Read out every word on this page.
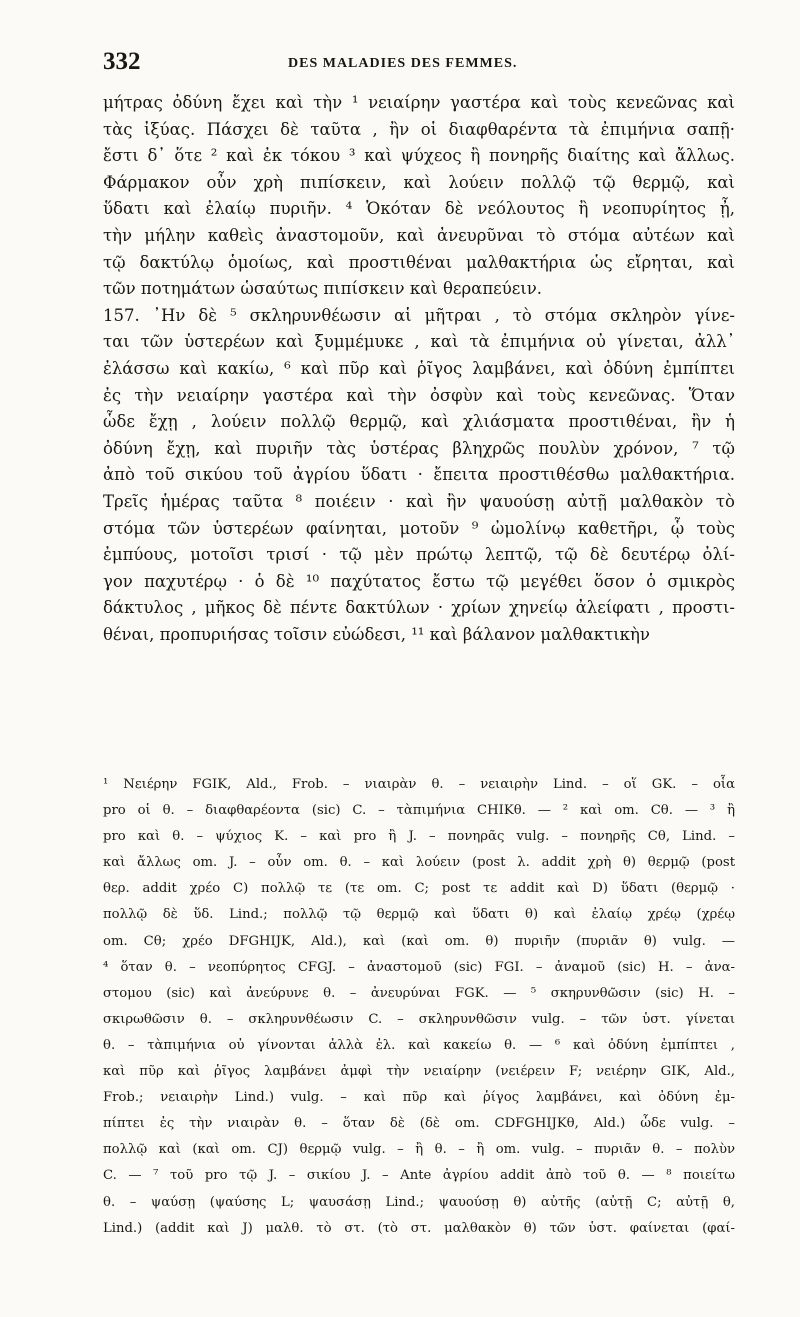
332	DES MALADIES DES FEMMES.
μήτρας ὀδύνη ἔχει καὶ τὴν ¹ νειαίρην γαστέρα καὶ τοὺς κενεῶνας καὶ
τὰς ἰξύας. Πάσχει δὲ ταῦτα , ἢν οἱ διαφθαρέντα τὰ ἐπιμήνια σαπῇ·
ἔστι δ᾿ ὅτε ² καὶ ἐκ τόκου ³ καὶ ψύχεος ἢ πονηρῆς διαίτης καὶ ἄλλως.
Φάρμακον οὖν χρὴ πιπίσκειν, καὶ λούειν πολλῷ τῷ θερμῷ, καὶ
ὕδατι καὶ ἐλαίῳ πυριῆν. ⁴ Ὁκόταν δὲ νεόλουτος ἢ νεοπυρίητος ᾖ,
τὴν μήλην καθεὶς ἀναστομοῦν, καὶ ἀνευρῦναι τὸ στόμα αὐτέων καὶ
τῷ δακτύλῳ ὁμοίως, καὶ προστιθέναι μαλθακτήρια ὡς εἴρηται, καὶ
τῶν ποτημάτων ὡσαύτως πιπίσκειν καὶ θεραπεύειν.
157. ᾿Ην δὲ ⁵ σκληρυνθέωσιν αἱ μῆτραι , τὸ στόμα σκληρὸν γίνε-
ται τῶν ὑστερέων καὶ ξυμμέμυκε , καὶ τὰ ἐπιμήνια οὐ γίνεται, ἀλλ᾿
ἐλάσσω καὶ κακίω, ⁶ καὶ πῦρ καὶ ῥῖγος λαμβάνει, καὶ ὀδύνη ἐμπίπτει
ἐς τὴν νειαίρην γαστέρα καὶ τὴν ὀσφὺν καὶ τοὺς κενεῶνας. Ὅταν
ὧδε ἔχῃ , λούειν πολλῷ θερμῷ, καὶ χλιάσματα προστιθέναι, ἢν ἡ
ὀδύνη ἔχῃ, καὶ πυριῆν τὰς ὑστέρας βληχρῶς πουλὺν χρόνον, ⁷ τῷ
ἀπὸ τοῦ σικύου τοῦ ἀγρίου ὕδατι · ἔπειτα προστιθέσθω μαλθακτήρια.
Τρεῖς ἡμέρας ταῦτα ⁸ ποιέειν · καὶ ἢν ψαυούσῃ αὐτῇ μαλθακὸν τὸ
στόμα τῶν ὑστερέων φαίνηται, μοτοῦν ⁹ ὠμολίνῳ καθετῆρι, ᾧ τοὺς
ἐμπύους, μοτοῖσι τρισί · τῷ μὲν πρώτῳ λεπτῷ, τῷ δὲ δευτέρῳ ὀλί-
γον παχυτέρῳ · ὁ δὲ ¹⁰ παχύτατος ἔστω τῷ μεγέθει ὅσον ὁ σμικρὸς
δάκτυλος , μῆκος δὲ πέντε δακτύλων · χρίων χηνείῳ ἀλείφατι , προστι-
θέναι, προπυριήσας τοῖσιν εὐώδεσι, ¹¹ καὶ βάλανον μαλθακτικὴν
¹ Νειέρην FGIK, Ald., Frob. – νιαιρὰν θ. – νειαιρὴν Lind. – οἵ GK. – οἷα
pro οἱ θ. – διαφθαρέοντα (sic) C. – τὰπιμήνια CHIKθ. — ² καὶ om. Cθ. — ³ ἢ
pro καὶ θ. – ψύχιος K. – καὶ pro ἢ J. – πονηρᾶς vulg. – πονηρῆς Cθ, Lind. –
καὶ ἄλλως om. J. – οὖν om. θ. – καὶ λούειν (post λ. addit χρὴ θ) θερμῷ (post
θερ. addit χρέο C) πολλῷ τε (τε om. C; post τε addit καὶ D) ὕδατι (θερμῷ ·
πολλῷ δὲ ὕδ. Lind.; πολλῷ τῷ θερμῷ καὶ ὕδατι θ) καὶ ἐλαίῳ χρέῳ (χρέῳ
om. Cθ; χρέο DFGHIJK, Ald.), καὶ (καὶ om. θ) πυριῆν (πυριᾶν θ) vulg. —
⁴ ὅταν θ. – νεοπύρητος CFGJ. – ἀναστομοῦ (sic) FGI. – ἀναμοῦ (sic) H. – ἀνα-
στομου (sic) καὶ ἀνεύρυνε θ. – ἀνευρύναι FGK. — ⁵ σκηρυνθῶσιν (sic) H. –
σκιρωθῶσιν θ. – σκληρυνθέωσιν C. – σκληρυνθῶσιν vulg. – τῶν ὑστ. γίνεται
θ. – τὰπιμήνια οὐ γίνονται ἀλλὰ ἐλ. καὶ κακείω θ. — ⁶ καὶ ὀδύνη ἐμπίπτει ,
καὶ πῦρ καὶ ῥῖγος λαμβάνει ἀμφὶ τὴν νειαίρην (νειέρειν F; νειέρην GIK, Ald.,
Frob.; νειαιρὴν Lind.) vulg. – καὶ πῦρ καὶ ῥίγος λαμβάνει, καὶ ὀδύνη ἐμ-
πίπτει ἐς τὴν νιαιρὰν θ. – ὅταν δὲ (δὲ om. CDFGHIJKθ, Ald.) ὧδε vulg. –
πολλῷ καὶ (καὶ om. CJ) θερμῷ vulg. – ἢ θ. – ἢ om. vulg. – πυριᾶν θ. – πολὺν
C. — ⁷ τοῦ pro τῷ J. – σικίου J. – Ante ἀγρίου addit ἀπὸ τοῦ θ. — ⁸ ποιείτω
θ. – ψαύσῃ (ψαύσης L; ψαυσάσῃ Lind.; ψαυούσῃ θ) αὐτῆς (αὐτῇ C; αὐτῇ θ,
Lind.) (addit καὶ J) μαλθ. τὸ στ. (τὸ στ. μαλθακὸν θ) τῶν ὑστ. φαίνεται (φαί-
